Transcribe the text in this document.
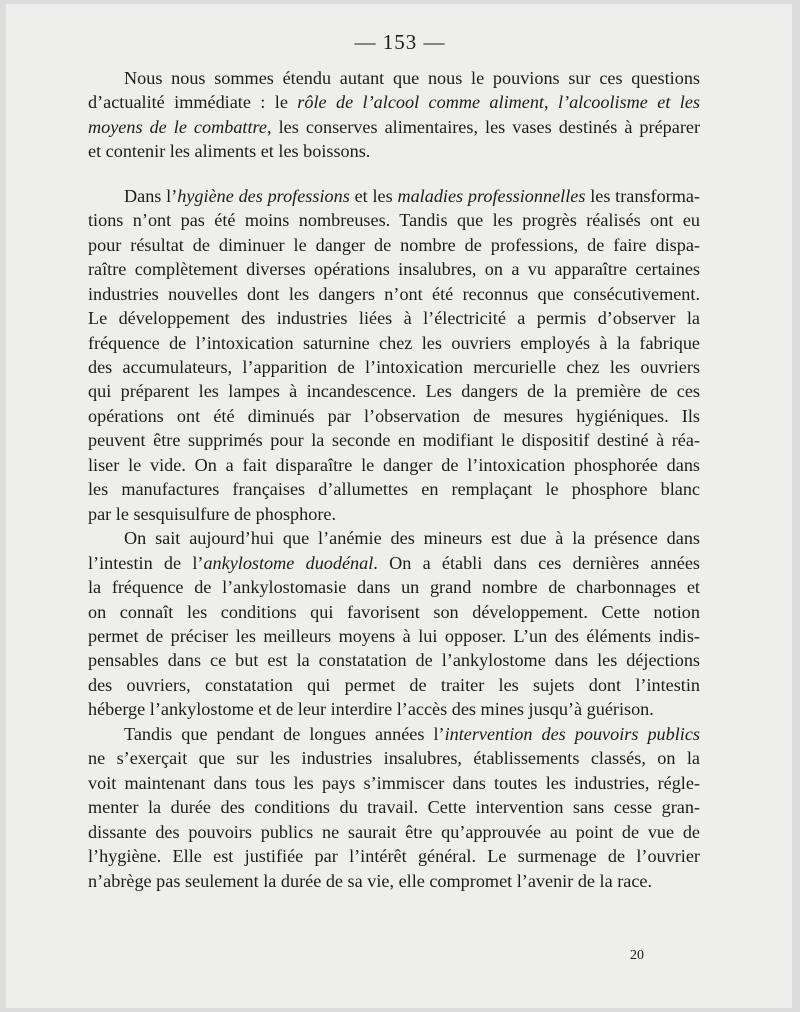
— 153 —
Nous nous sommes étendu autant que nous le pouvions sur ces questions
d’actualité immédiate : le rôle de l’alcool comme aliment, l’alcoolisme et les
moyens de le combattre, les conserves alimentaires, les vases destinés à préparer
et contenir les aliments et les boissons.
Dans l’hygiène des professions et les maladies professionnelles les transforma-
tions n’ont pas été moins nombreuses. Tandis que les progrès réalisés ont eu
pour résultat de diminuer le danger de nombre de professions, de faire dispa-
raître complètement diverses opérations insalubres, on a vu apparaître certaines
industries nouvelles dont les dangers n’ont été reconnus que consécutivement.
Le développement des industries liées à l’électricité a permis d’observer la
fréquence de l’intoxication saturnine chez les ouvriers employés à la fabrique
des accumulateurs, l’apparition de l’intoxication mercurielle chez les ouvriers
qui préparent les lampes à incandescence. Les dangers de la première de ces
opérations ont été diminués par l’observation de mesures hygiéniques. Ils
peuvent être supprimés pour la seconde en modifiant le dispositif destiné à réa-
liser le vide. On a fait disparaître le danger de l’intoxication phosphorée dans
les manufactures françaises d’allumettes en remplaçant le phosphore blanc
par le sesquisulfure de phosphore.
On sait aujourd’hui que l’anémie des mineurs est due à la présence dans
l’intestin de l’ankylostome duodénal. On a établi dans ces dernières années
la fréquence de l’ankylostomasie dans un grand nombre de charbonnages et
on connaît les conditions qui favorisent son développement. Cette notion
permet de préciser les meilleurs moyens à lui opposer. L’un des éléments indis-
pensables dans ce but est la constatation de l’ankylostome dans les déjections
des ouvriers, constatation qui permet de traiter les sujets dont l’intestin
héberge l’ankylostome et de leur interdire l’accès des mines jusqu’à guérison.
Tandis que pendant de longues années l’intervention des pouvoirs publics
ne s’exerçait que sur les industries insalubres, établissements classés, on la
voit maintenant dans tous les pays s’immiscer dans toutes les industries, régle-
menter la durée des conditions du travail. Cette intervention sans cesse gran-
dissante des pouvoirs publics ne saurait être qu’approuvée au point de vue de
l’hygiène. Elle est justifiée par l’intérêt général. Le surmenage de l’ouvrier
n’abrège pas seulement la durée de sa vie, elle compromet l’avenir de la race.
20
